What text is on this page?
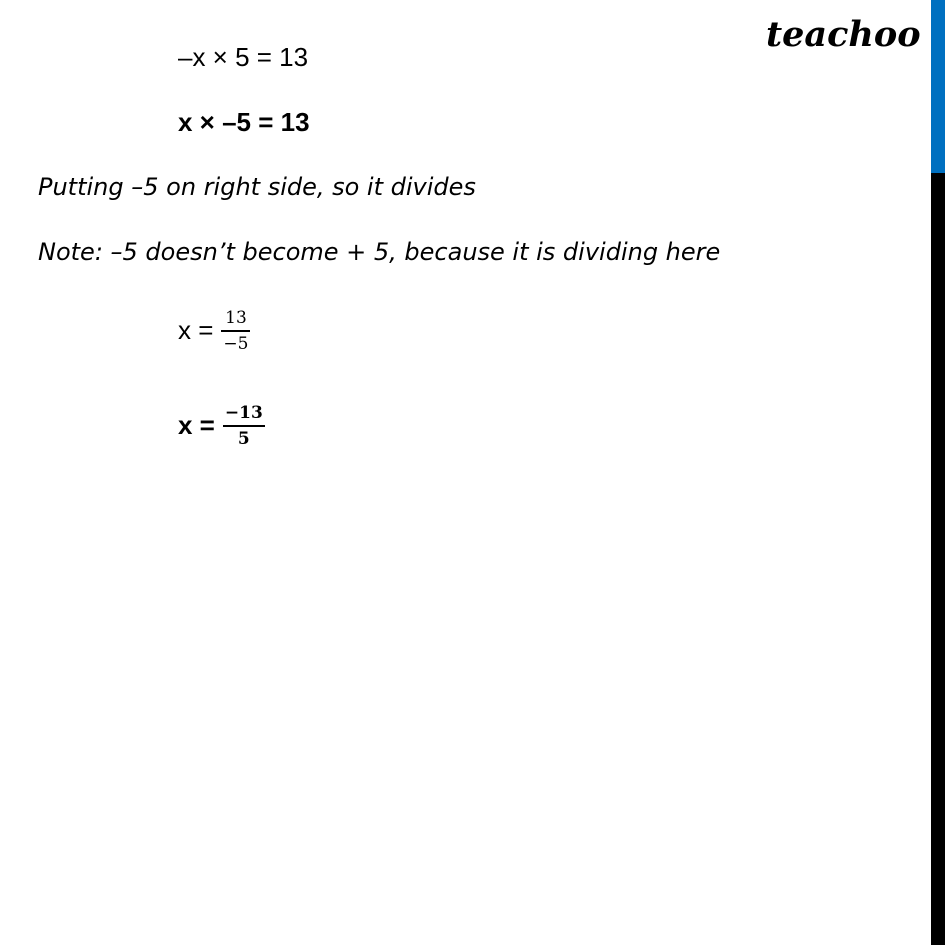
teachoo
–x × 5 = 13
x × –5 = 13
Putting –5 on right side, so it divides
Note: –5 doesn’t become + 5, because it is dividing here
$x = \frac{13}{-5}$
$x = \frac{-13}{5}$
